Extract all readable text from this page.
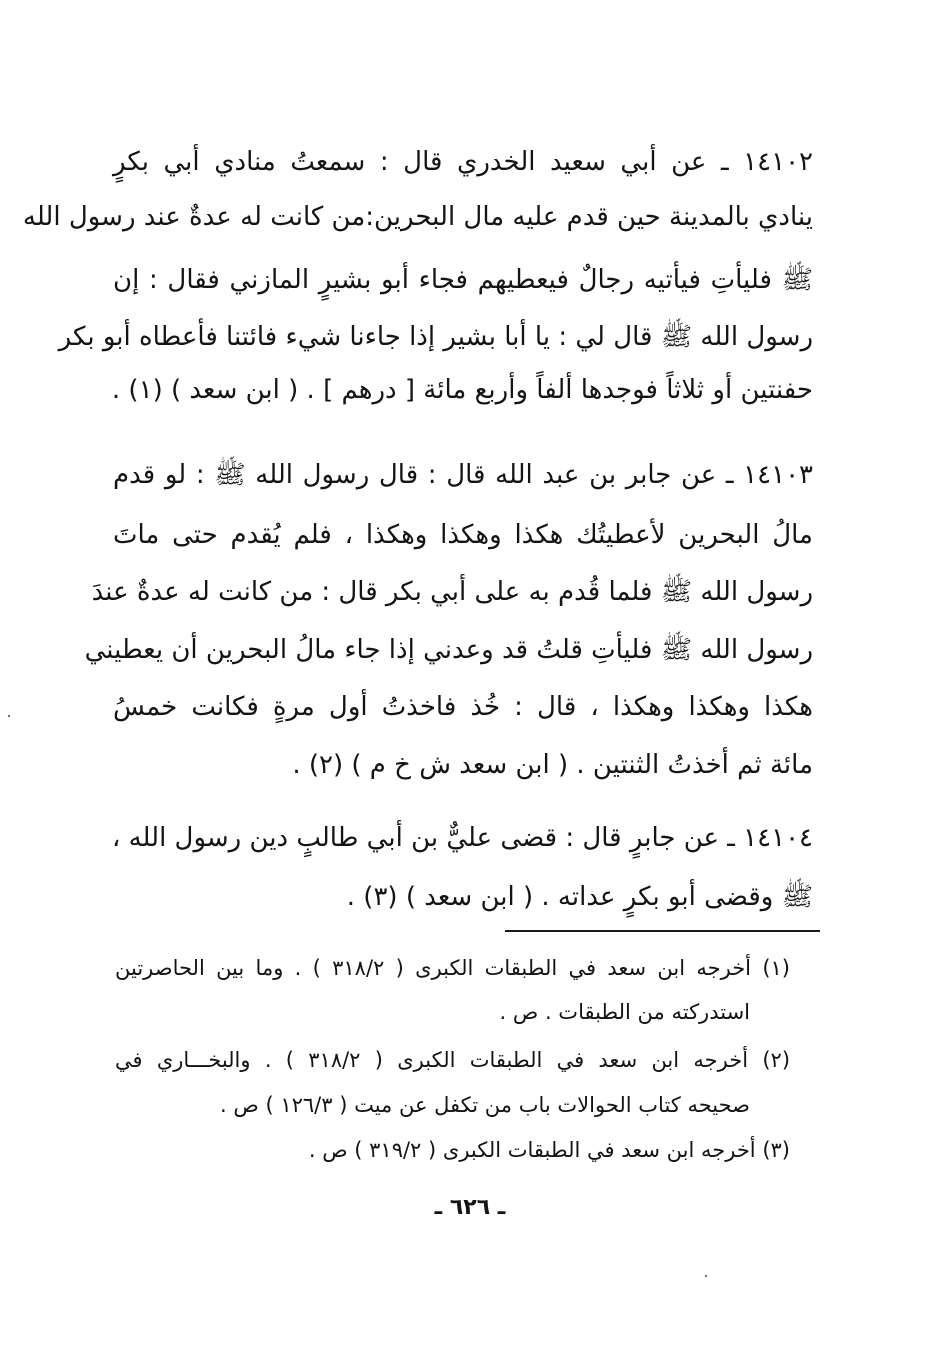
١٤١٠٢ ـ عن أبي سعيد الخدري قال : سمعتُ منادي أبي بكرٍ
ينادي بالمدينة حين قدم عليه مال البحرين:من كانت له عدةٌ عند رسول الله
ﷺ فليأتِ فيأتيه رجالٌ فيعطيهم فجاء أبو بشيرٍ المازني فقال : إن
رسول الله ﷺ قال لي : يا أبا بشير إذا جاءنا شيء فائتنا فأعطاه أبو بكر
حفنتين أو ثلاثاً فوجدها ألفاً وأربع مائة [ درهم ] . ( ابن سعد ) (١) .
١٤١٠٣ ـ عن جابر بن عبد الله قال : قال رسول الله ﷺ : لو قدم
مالُ البحرين لأعطيتُك هكذا وهكذا وهكذا ، فلم يُقدم حتى ماتَ
رسول الله ﷺ فلما قُدم به على أبي بكر قال : من كانت له عدةٌ عندَ
رسول الله ﷺ فليأتِ قلتُ قد وعدني إذا جاء مالُ البحرين أن يعطيني
هكذا وهكذا وهكذا ، قال : خُذ فاخذتُ أول مرةٍ فكانت خمسُ
مائة ثم أخذتُ الثنتين . ( ابن سعد ش خ م ) (٢) .
١٤١٠٤ ـ عن جابرٍ قال : قضى عليٌّ بن أبي طالبٍ دين رسول الله ،
ﷺ وقضى أبو بكرٍ عداته . ( ابن سعد ) (٣) .
(١) أخرجه ابن سعد في الطبقات الكبرى ( ٣١٨/٢ ) . وما بين الحاصرتين
استدركته من الطبقات . ص .
(٢) أخرجه ابن سعد في الطبقات الكبرى ( ٣١٨/٢ ) . والبخـــاري في
صحيحه كتاب الحوالات باب من تكفل عن ميت ( ١٢٦/٣ ) ص .
(٣) أخرجه ابن سعد في الطبقات الكبرى ( ٣١٩/٢ ) ص .
ـ ٦٢٦ ـ
